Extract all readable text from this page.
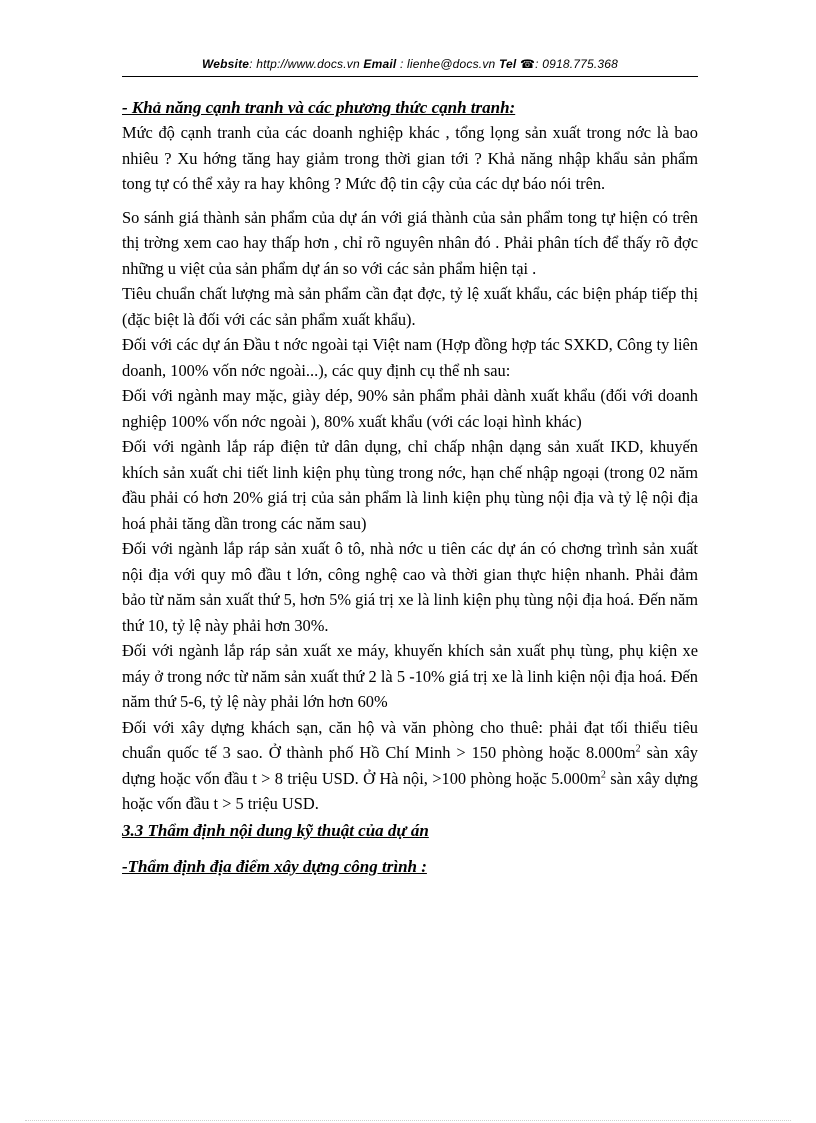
Website: http://www.docs.vn Email : lienhe@docs.vn Tel ☎: 0918.775.368

- Khả năng cạnh tranh và các phương thức cạnh tranh:

Mức độ cạnh tranh của các doanh nghiệp khác , tổng lọng sản xuất trong nớc là bao nhiêu ? Xu hớng tăng hay giảm trong thời gian tới ? Khả năng nhập khẩu sản phẩm tong tự có thể xảy ra hay không ? Mức độ tin cậy của các dự báo nói trên.

So sánh giá thành sản phẩm của dự án với giá thành của sản phẩm tong tự hiện có trên thị trờng xem cao hay thấp hơn , chỉ rõ nguyên nhân đó . Phải phân tích để thấy rõ đợc những u việt của sản phẩm dự án so với các sản phẩm hiện tại .

Tiêu chuẩn chất lượng mà sản phẩm cần đạt đợc, tỷ lệ xuất khẩu, các biện pháp tiếp thị (đặc biệt là đối với các sản phẩm xuất khẩu).

Đối với các dự án Đầu t nớc ngoài tại Việt nam (Hợp đồng hợp tác SXKD, Công ty liên doanh, 100% vốn nớc ngoài...), các quy định cụ thể nh sau:

Đối với ngành may mặc, giày dép, 90% sản phẩm phải dành xuất khẩu (đối với doanh nghiệp 100% vốn nớc ngoài ), 80% xuất khẩu (với các loại hình khác)

Đối với ngành lắp ráp điện tử dân dụng, chỉ chấp nhận dạng sản xuất IKD, khuyến khích sản xuất chi tiết linh kiện phụ tùng trong nớc, hạn chế nhập ngoại (trong 02 năm đầu phải có hơn 20% giá trị của sản phẩm là linh kiện phụ tùng nội địa và tỷ lệ nội địa hoá phải tăng dần trong các năm sau)

Đối với ngành lắp ráp sản xuất ô tô, nhà nớc u tiên các dự án có chơng trình sản xuất nội địa với quy mô đầu t lớn, công nghệ cao và thời gian thực hiện nhanh. Phải đảm bảo từ năm sản xuất thứ 5, hơn 5% giá trị xe là linh kiện phụ tùng nội địa hoá. Đến năm thứ 10, tỷ lệ này phải hơn 30%.

Đối với ngành lắp ráp sản xuất xe máy, khuyến khích sản xuất phụ tùng, phụ kiện xe máy ở trong nớc từ năm sản xuất thứ 2 là 5 -10% giá trị xe là linh kiện nội địa hoá. Đến năm thứ 5-6, tỷ lệ này phải lớn hơn 60%

Đối với xây dựng khách sạn, căn hộ và văn phòng cho thuê: phải đạt tối thiểu tiêu chuẩn quốc tế 3 sao. Ở thành phố Hồ Chí Minh > 150 phòng hoặc $8.000m^2$ sàn xây dựng hoặc vốn đầu t > 8 triệu USD. Ở Hà nội, >100 phòng hoặc $5.000m^2$ sàn xây dựng hoặc vốn đầu t > 5 triệu USD.

3.3 Thẩm định nội dung kỹ thuật của dự án

-Thẩm định địa điểm xây dựng công trình :
